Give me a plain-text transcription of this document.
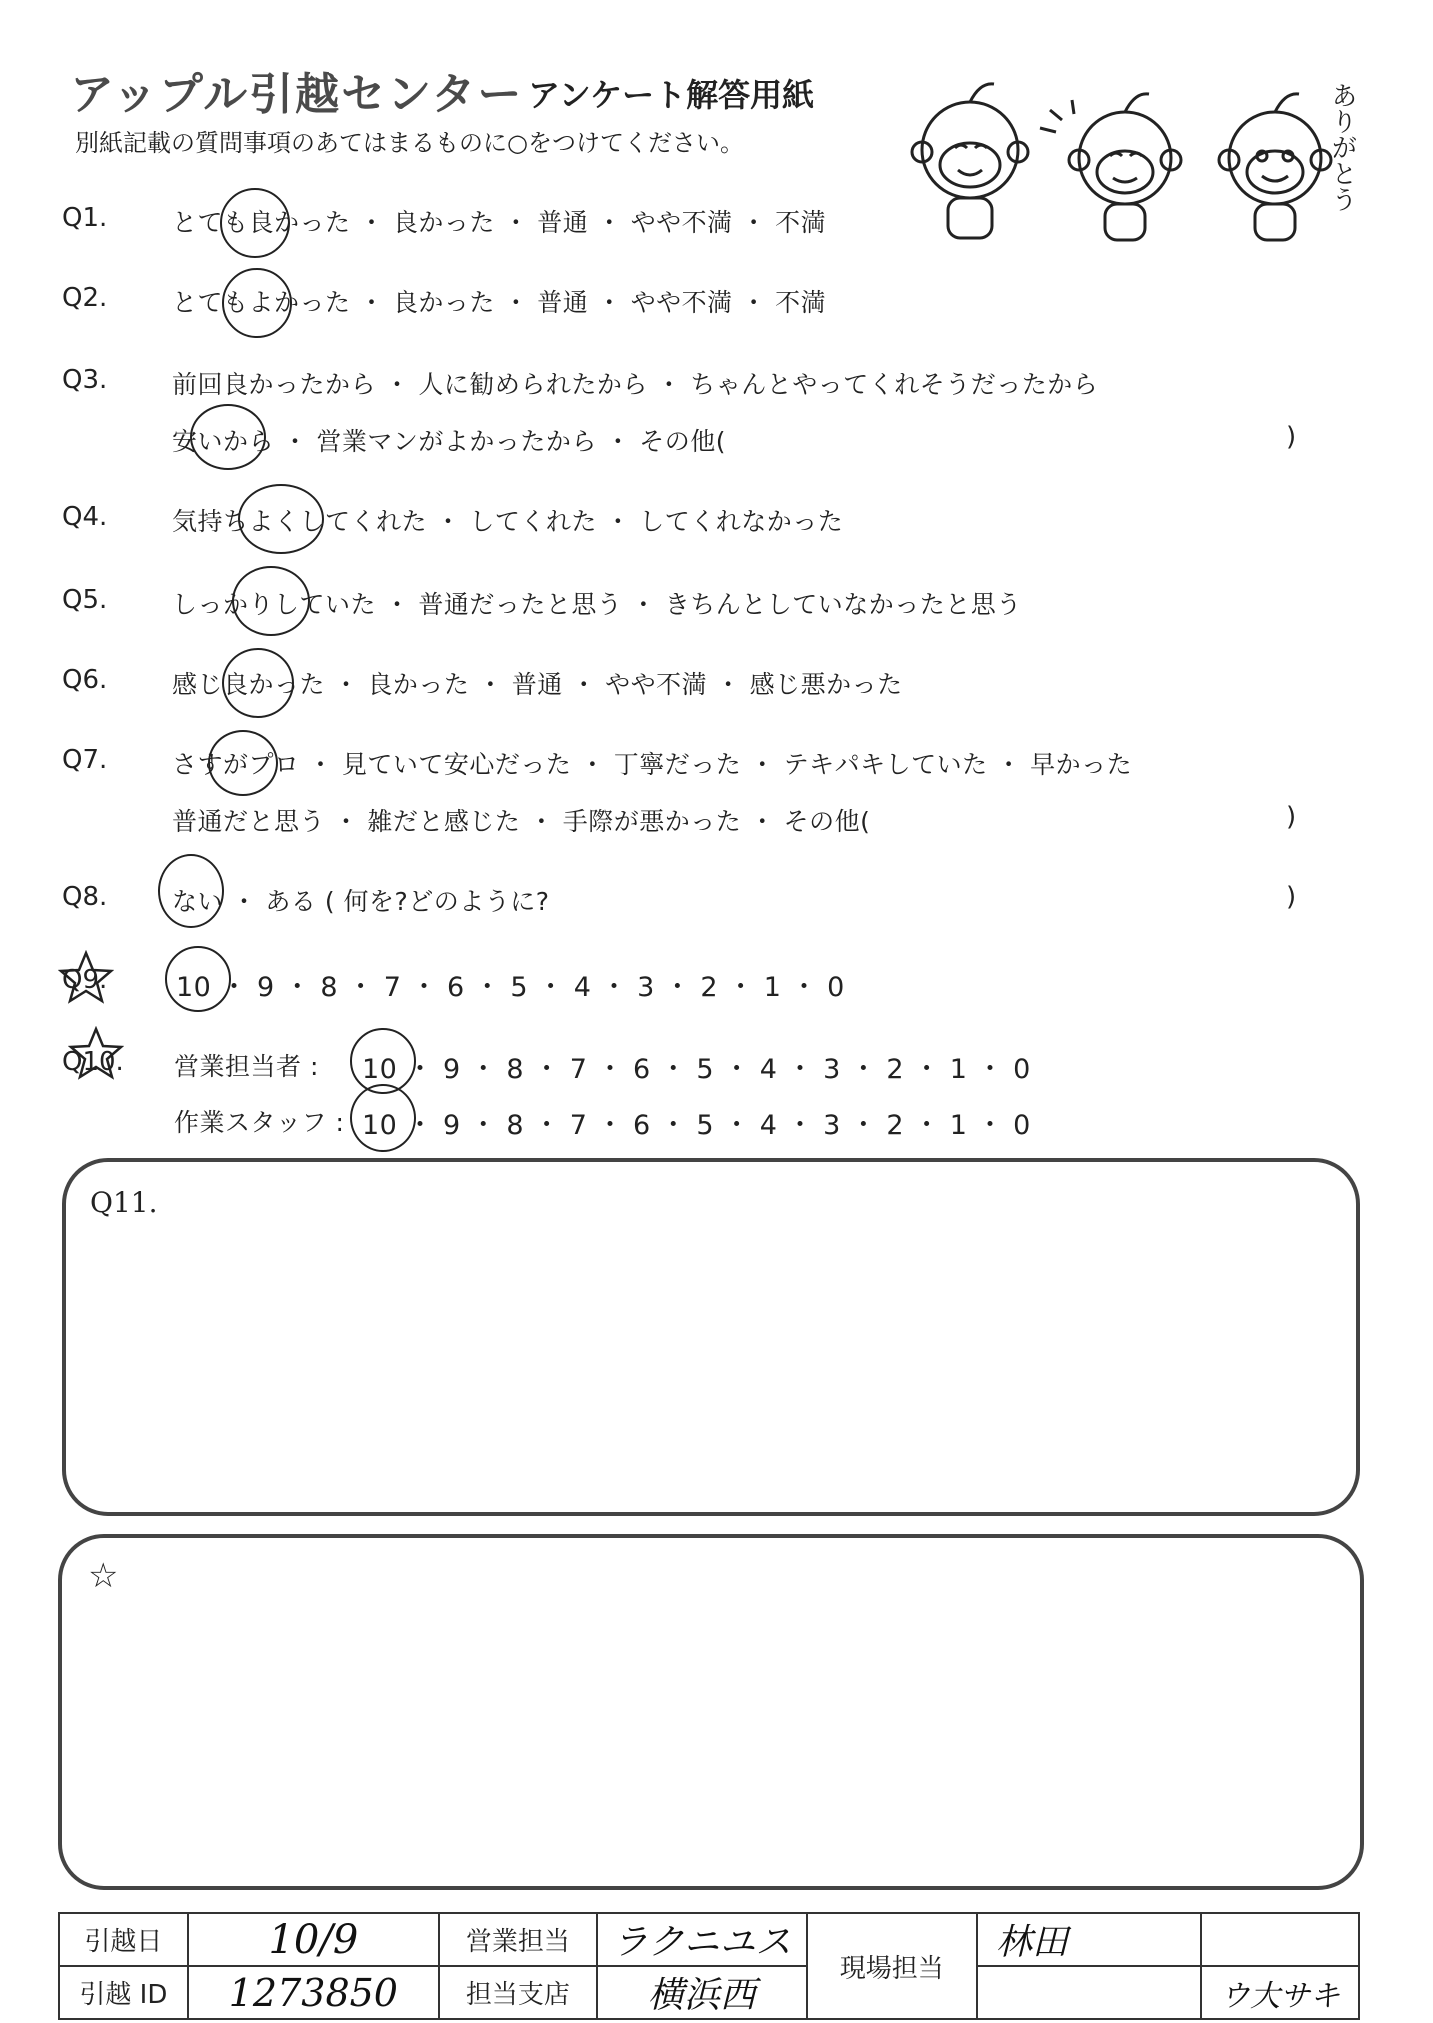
アップル引越センター アンケート解答用紙
別紙記載の質問事項のあてはまるものに○をつけてください。	ありがとう
Q1.	とても良かった ・ 良かった ・ 普通 ・ やや不満 ・ 不満
Q2.	とてもよかった ・ 良かった ・ 普通 ・ やや不満 ・ 不満
Q3.	前回良かったから ・ 人に勧められたから ・ ちゃんとやってくれそうだったから
安いから ・ 営業マンがよかったから ・ その他(	)
Q4.	気持ちよくしてくれた ・ してくれた ・ してくれなかった
Q5.	しっかりしていた ・ 普通だったと思う ・ きちんとしていなかったと思う
Q6.	感じ良かった ・ 良かった ・ 普通 ・ やや不満 ・ 感じ悪かった
Q7.	さすがプロ ・ 見ていて安心だった ・ 丁寧だった ・ テキパキしていた ・ 早かった
普通だと思う ・ 雑だと感じた ・ 手際が悪かった ・ その他(	)
Q8.	ない ・ ある ( 何を?どのように?	)
Q9.	10 ・ 9 ・ 8 ・ 7 ・ 6 ・ 5 ・ 4 ・ 3 ・ 2 ・ 1 ・ 0
Q10. 営業担当者 : 10 ・ 9 ・ 8 ・ 7 ・ 6 ・ 5 ・ 4 ・ 3 ・ 2 ・ 1 ・ 0
作業スタッフ : 10 ・ 9 ・ 8 ・ 7 ・ 6 ・ 5 ・ 4 ・ 3 ・ 2 ・ 1 ・ 0
Q11.
☆
引越日	10/9	営業担当	ラクニユス	現場担当	林田	
引越 ID	1273850	担当支店	横浜西			ウ大サキ
